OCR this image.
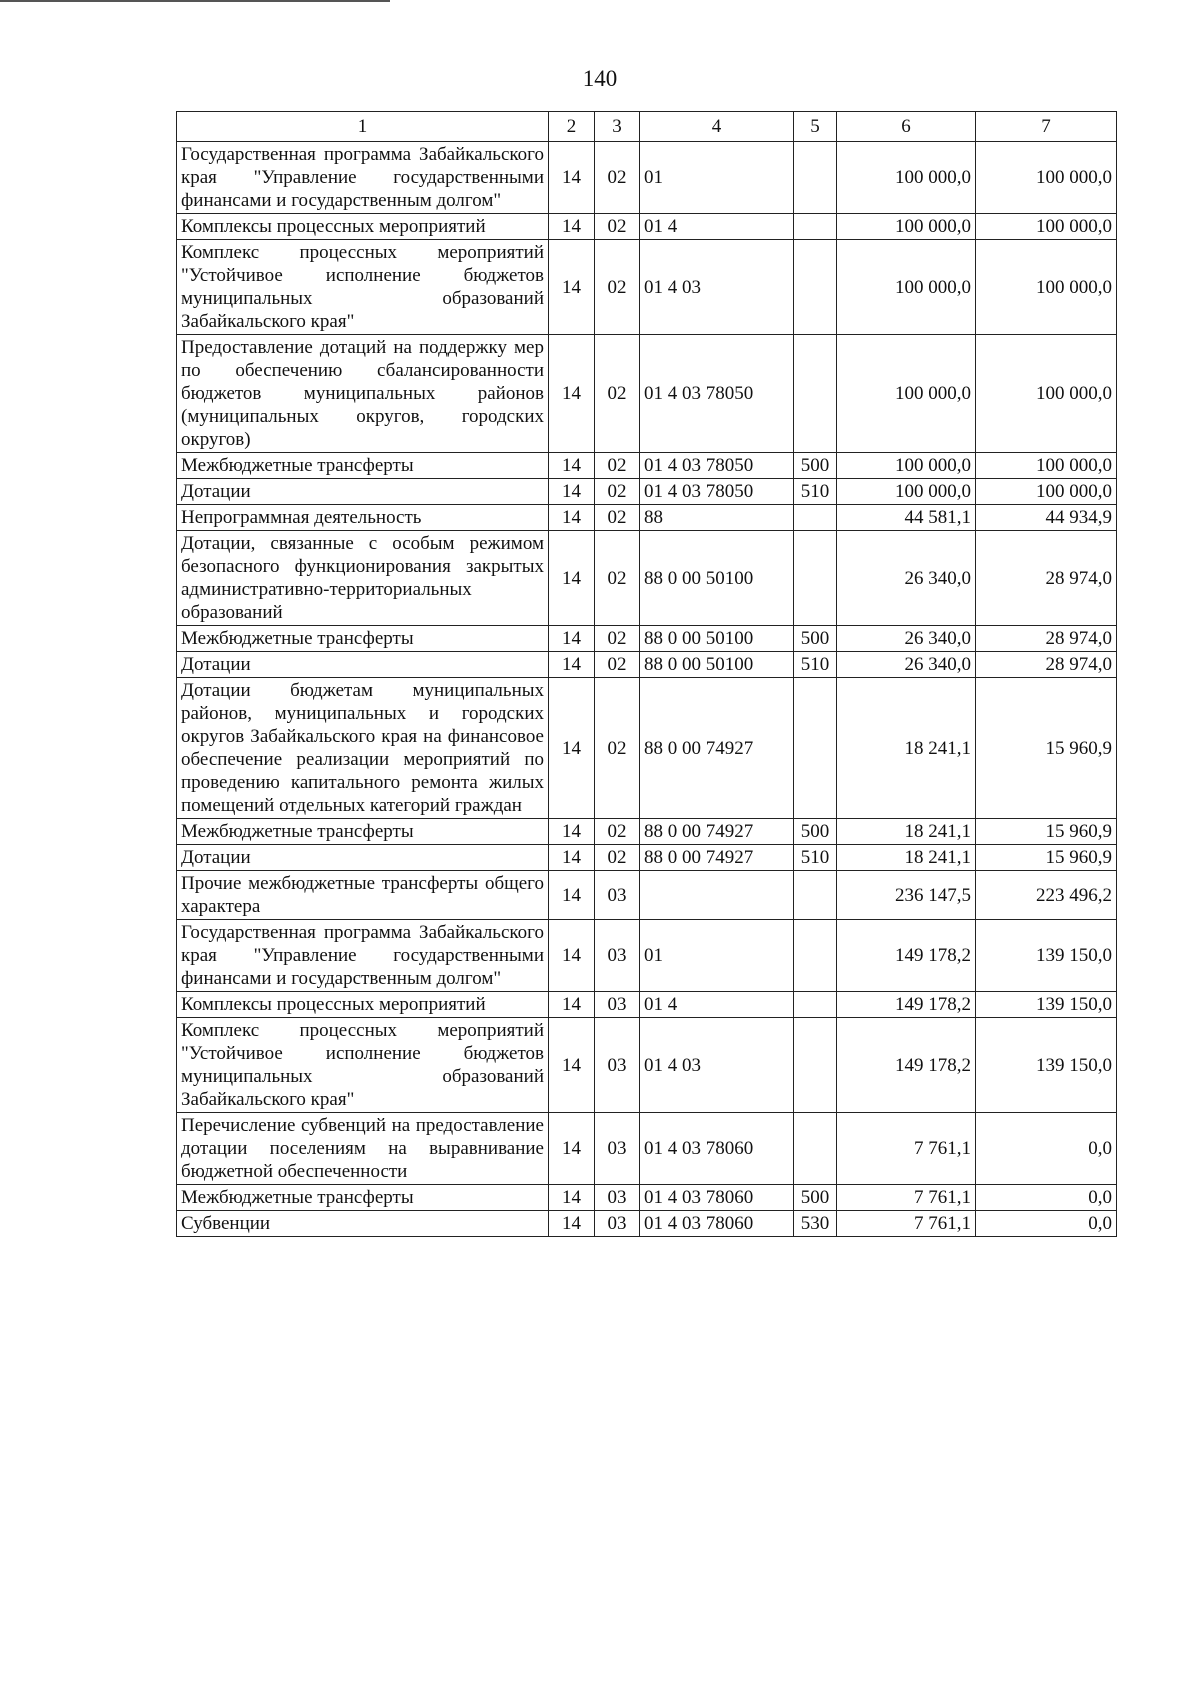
140
1	2	3	4	5	6	7
Государственная программа Забайкальского края "Управление государственными финансами и государственным долгом"	14	02	01		100 000,0	100 000,0
Комплексы процессных мероприятий	14	02	01 4		100 000,0	100 000,0
Комплекс процессных мероприятий "Устойчивое исполнение бюджетов муниципальных образований Забайкальского края"	14	02	01 4 03		100 000,0	100 000,0
Предоставление дотаций на поддержку мер по обеспечению сбалансированности бюджетов муниципальных районов (муниципальных округов, городских округов)	14	02	01 4 03 78050		100 000,0	100 000,0
Межбюджетные трансферты	14	02	01 4 03 78050	500	100 000,0	100 000,0
Дотации	14	02	01 4 03 78050	510	100 000,0	100 000,0
Непрограммная деятельность	14	02	88		44 581,1	44 934,9
Дотации, связанные с особым режимом безопасного функционирования закрытых административно-территориальных образований	14	02	88 0 00 50100		26 340,0	28 974,0
Межбюджетные трансферты	14	02	88 0 00 50100	500	26 340,0	28 974,0
Дотации	14	02	88 0 00 50100	510	26 340,0	28 974,0
Дотации бюджетам муниципальных районов, муниципальных и городских округов Забайкальского края на финансовое обеспечение реализации мероприятий по проведению капитального ремонта жилых помещений отдельных категорий граждан	14	02	88 0 00 74927		18 241,1	15 960,9
Межбюджетные трансферты	14	02	88 0 00 74927	500	18 241,1	15 960,9
Дотации	14	02	88 0 00 74927	510	18 241,1	15 960,9
Прочие межбюджетные трансферты общего характера	14	03			236 147,5	223 496,2
Государственная программа Забайкальского края "Управление государственными финансами и государственным долгом"	14	03	01		149 178,2	139 150,0
Комплексы процессных мероприятий	14	03	01 4		149 178,2	139 150,0
Комплекс процессных мероприятий "Устойчивое исполнение бюджетов муниципальных образований Забайкальского края"	14	03	01 4 03		149 178,2	139 150,0
Перечисление субвенций на предоставление дотации поселениям на выравнивание бюджетной обеспеченности	14	03	01 4 03 78060		7 761,1	0,0
Межбюджетные трансферты	14	03	01 4 03 78060	500	7 761,1	0,0
Субвенции	14	03	01 4 03 78060	530	7 761,1	0,0
